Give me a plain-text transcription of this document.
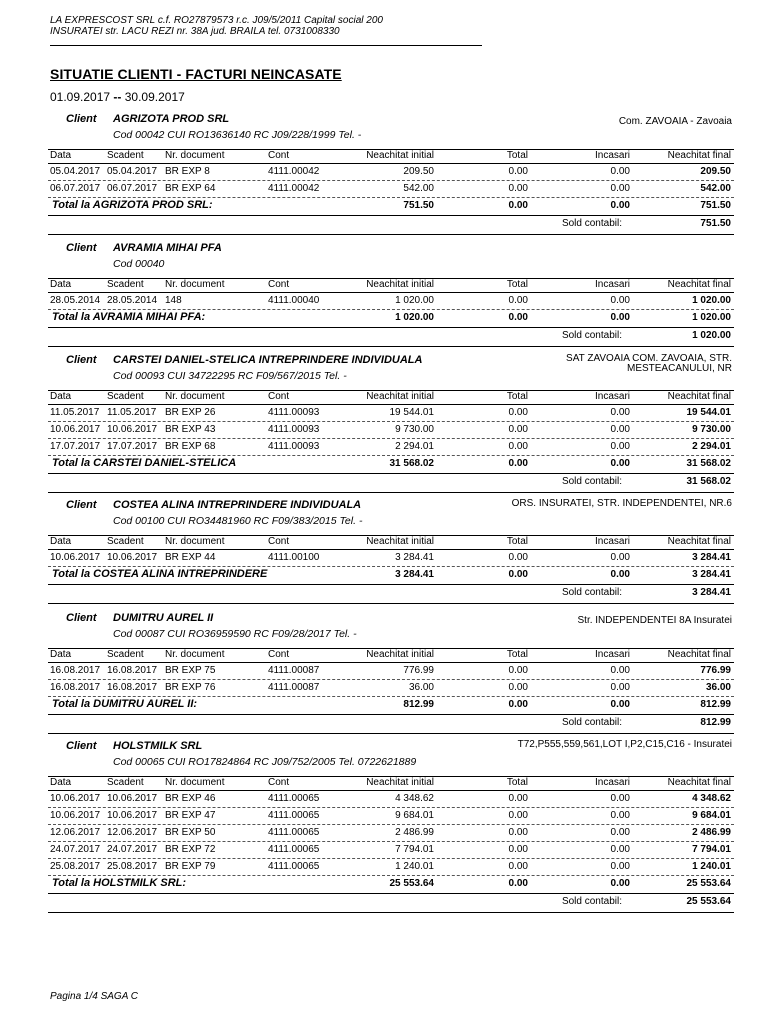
LA EXPRESCOST SRL c.f. RO27879573 r.c. J09/5/2011 Capital social 200
INSURATEI str. LACU REZI nr. 38A jud. BRAILA tel. 0731008330
SITUATIE CLIENTI - FACTURI NEINCASATE
01.09.2017 -- 30.09.2017
Client AGRIZOTA PROD SRL	Com. ZAVOAIA - Zavoaia
Cod 00042 CUI RO13636140 RC J09/228/1999 Tel. -
Data	Scadent Nr. document	Cont	Neachitat initial	Total	Incasari	Neachitat final
05.04.2017 05.04.2017 BR EXP 8	4111.00042	209.50	0.00	0.00	209.50
06.07.2017 06.07.2017 BR EXP 64	4111.00042	542.00	0.00	0.00	542.00
Total la AGRIZOTA PROD SRL:	751.50	0.00	0.00	751.50
Sold contabil:	751.50
Client AVRAMIA MIHAI PFA
Cod 00040
Data	Scadent Nr. document	Cont	Neachitat initial	Total	Incasari	Neachitat final
28.05.2014 28.05.2014 148	4111.00040	1 020.00	0.00	0.00	1 020.00
Total la AVRAMIA MIHAI PFA:	1 020.00	0.00	0.00	1 020.00
Sold contabil:	1 020.00
Client CARSTEI DANIEL-STELICA INTREPRINDERE INDIVIDUALA	SAT ZAVOAIA COM. ZAVOAIA, STR. MESTEACANULUI, NR
Cod 00093 CUI 34722295 RC F09/567/2015 Tel. -
Data	Scadent Nr. document	Cont	Neachitat initial	Total	Incasari	Neachitat final
11.05.2017 11.05.2017 BR EXP 26	4111.00093	19 544.01	0.00	0.00	19 544.01
10.06.2017 10.06.2017 BR EXP 43	4111.00093	9 730.00	0.00	0.00	9 730.00
17.07.2017 17.07.2017 BR EXP 68	4111.00093	2 294.01	0.00	0.00	2 294.01
Total la CARSTEI DANIEL-STELICA	31 568.02	0.00	0.00	31 568.02
Sold contabil:	31 568.02
Client COSTEA ALINA INTREPRINDERE INDIVIDUALA	ORS. INSURATEI, STR. INDEPENDENTEI, NR.6
Cod 00100 CUI RO34481960 RC F09/383/2015 Tel. -
Data	Scadent Nr. document	Cont	Neachitat initial	Total	Incasari	Neachitat final
10.06.2017 10.06.2017 BR EXP 44	4111.00100	3 284.41	0.00	0.00	3 284.41
Total la COSTEA ALINA INTREPRINDERE	3 284.41	0.00	0.00	3 284.41
Sold contabil:	3 284.41
Client DUMITRU AUREL II	Str. INDEPENDENTEI 8A Insuratei
Cod 00087 CUI RO36959590 RC F09/28/2017 Tel. -
Data	Scadent Nr. document	Cont	Neachitat initial	Total	Incasari	Neachitat final
16.08.2017 16.08.2017 BR EXP 75	4111.00087	776.99	0.00	0.00	776.99
16.08.2017 16.08.2017 BR EXP 76	4111.00087	36.00	0.00	0.00	36.00
Total la DUMITRU AUREL II:	812.99	0.00	0.00	812.99
Sold contabil:	812.99
Client HOLSTMILK SRL	T72,P555,559,561,LOT I,P2,C15,C16 - Insuratei
Cod 00065 CUI RO17824864 RC J09/752/2005 Tel. 0722621889
Data	Scadent Nr. document	Cont	Neachitat initial	Total	Incasari	Neachitat final
10.06.2017 10.06.2017 BR EXP 46	4111.00065	4 348.62	0.00	0.00	4 348.62
10.06.2017 10.06.2017 BR EXP 47	4111.00065	9 684.01	0.00	0.00	9 684.01
12.06.2017 12.06.2017 BR EXP 50	4111.00065	2 486.99	0.00	0.00	2 486.99
24.07.2017 24.07.2017 BR EXP 72	4111.00065	7 794.01	0.00	0.00	7 794.01
25.08.2017 25.08.2017 BR EXP 79	4111.00065	1 240.01	0.00	0.00	1 240.01
Total la HOLSTMILK SRL:	25 553.64	0.00	0.00	25 553.64
Sold contabil:	25 553.64
Pagina 1/4 SAGA C
